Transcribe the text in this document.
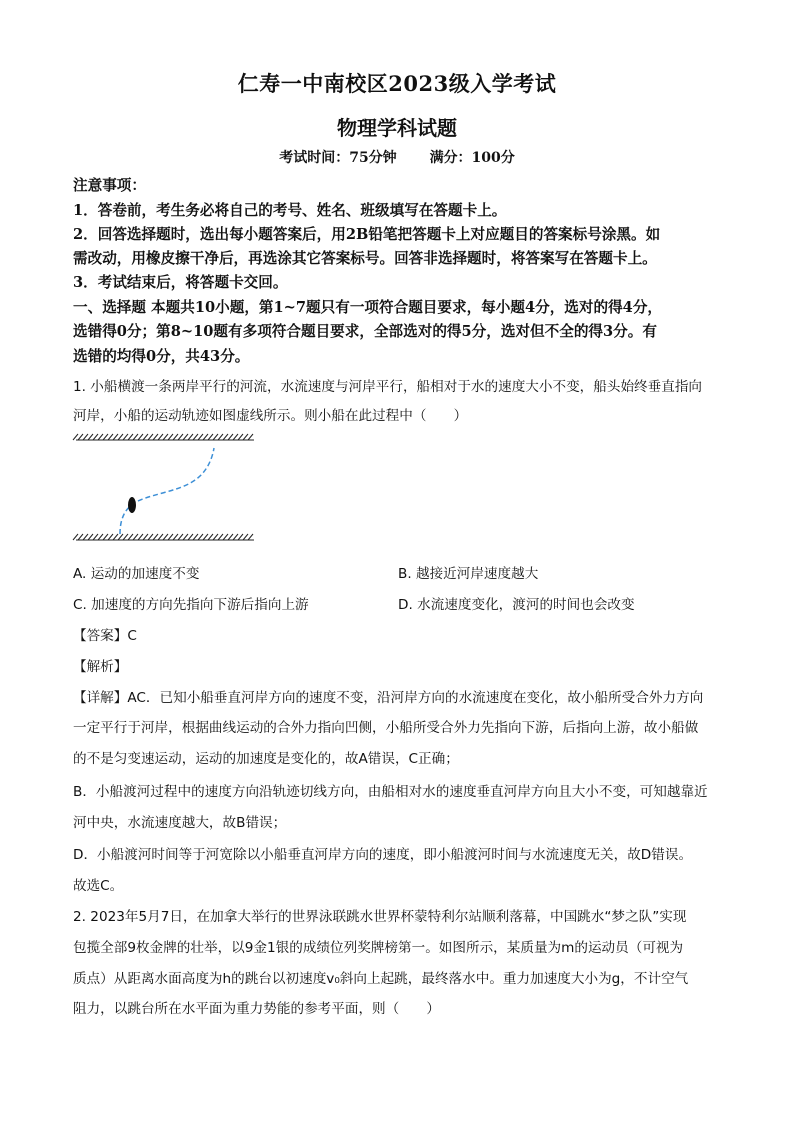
仁寿一中南校区2023级入学考试
物理学科试题
考试时间：75分钟 满分：100分
注意事项：
1．答卷前，考生务必将自己的考号、姓名、班级填写在答题卡上。
2．回答选择题时，选出每小题答案后，用2B铅笔把答题卡上对应题目的答案标号涂黑。如
需改动，用橡皮擦干净后，再选涂其它答案标号。回答非选择题时，将答案写在答题卡上。
3．考试结束后，将答题卡交回。
一、选择题 本题共10小题，第1~7题只有一项符合题目要求，每小题4分，选对的得4分，
选错得0分；第8~10题有多项符合题目要求，全部选对的得5分，选对但不全的得3分。有
选错的均得0分，共43分。
1. 小船横渡一条两岸平行的河流，水流速度与河岸平行，船相对于水的速度大小不变，船头始终垂直指向
河岸，小船的运动轨迹如图虚线所示。则小船在此过程中（　　）
A. 运动的加速度不变	B. 越接近河岸速度越大
C. 加速度的方向先指向下游后指向上游	D. 水流速度变化，渡河的时间也会改变
【答案】C
【解析】
【详解】AC．已知小船垂直河岸方向的速度不变，沿河岸方向的水流速度在变化，故小船所受合外力方向
一定平行于河岸，根据曲线运动的合外力指向凹侧，小船所受合外力先指向下游，后指向上游，故小船做
的不是匀变速运动，运动的加速度是变化的，故A错误，C正确；
B．小船渡河过程中的速度方向沿轨迹切线方向，由船相对水的速度垂直河岸方向且大小不变，可知越靠近
河中央，水流速度越大，故B错误；
D．小船渡河时间等于河宽除以小船垂直河岸方向的速度，即小船渡河时间与水流速度无关，故D错误。
故选C。
2. 2023年5月7日，在加拿大举行的世界泳联跳水世界杯蒙特利尔站顺利落幕，中国跳水“梦之队”实现
包揽全部9枚金牌的壮举，以9金1银的成绩位列奖牌榜第一。如图所示，某质量为m的运动员（可视为
质点）从距离水面高度为h的跳台以初速度v₀斜向上起跳，最终落水中。重力加速度大小为g，不计空气
阻力，以跳台所在水平面为重力势能的参考平面，则（　　）
